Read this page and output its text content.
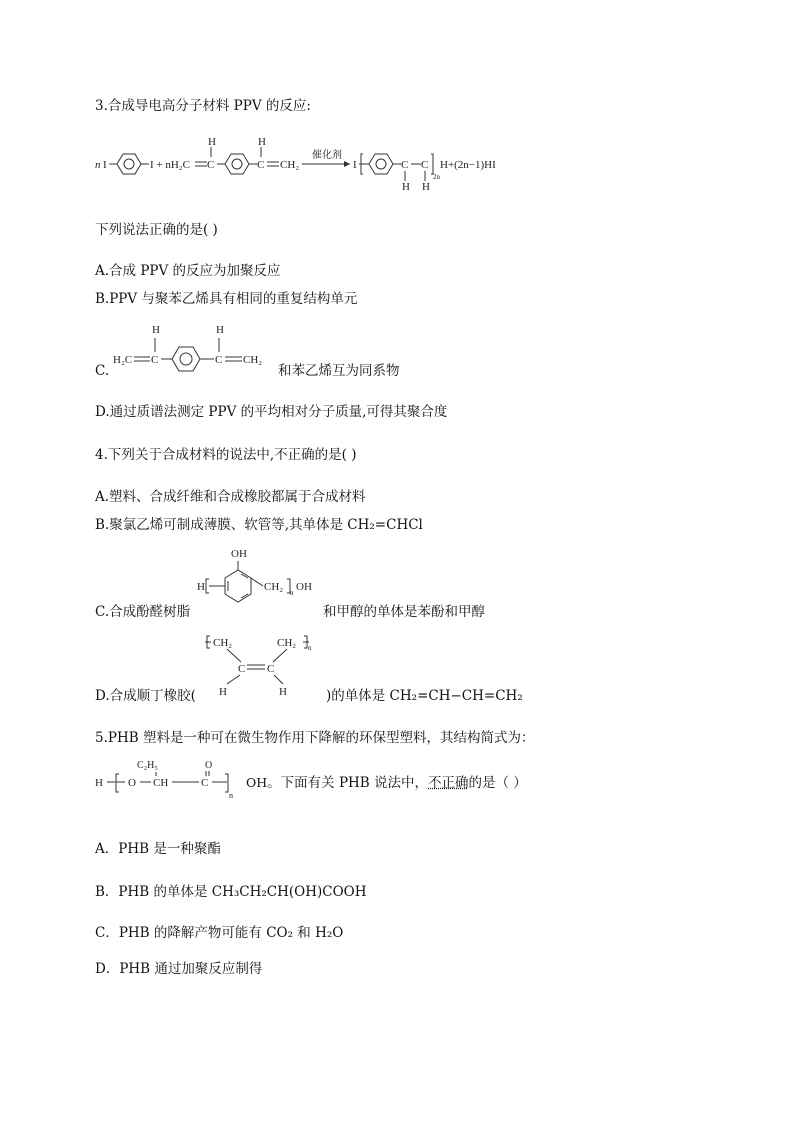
3.合成导电高分子材料 PPV 的反应:
n I	I + nH₂C C
H
C
H
CH₂
催化剂
I	C
H
C
H
2n
H+(2n−1)HI
下列说法正确的是( )
A.合成 PPV 的反应为加聚反应
B.PPV 与聚苯乙烯具有相同的重复结构单元
C.
H₂C C
H
C
H
CH₂
和苯乙烯互为同系物
D.通过质谱法测定 PPV 的平均相对分子质量,可得其聚合度
4.下列关于合成材料的说法中,不正确的是( )
A.塑料、合成纤维和合成橡胶都属于合成材料
B.聚氯乙烯可制成薄膜、软管等,其单体是 CH₂=CHCl
C.合成酚醛树脂
OH
H	CH₂ n OH
和甲醇的单体是苯酚和甲醇
D.合成顺丁橡胶(
CH₂	CH₂ n
C C
H	H	)的单体是 CH₂=CH−CH=CH₂
5.PHB 塑料是一种可在微生物作用下降解的环保型塑料，其结构简式为：
C₂H₅	O
H O CH	C
n
OH。下面有关 PHB 说法中，不正确的是（ ）
A．PHB 是一种聚酯
B．PHB 的单体是 CH₃CH₂CH(OH)COOH
C．PHB 的降解产物可能有 CO₂ 和 H₂O
D．PHB 通过加聚反应制得
